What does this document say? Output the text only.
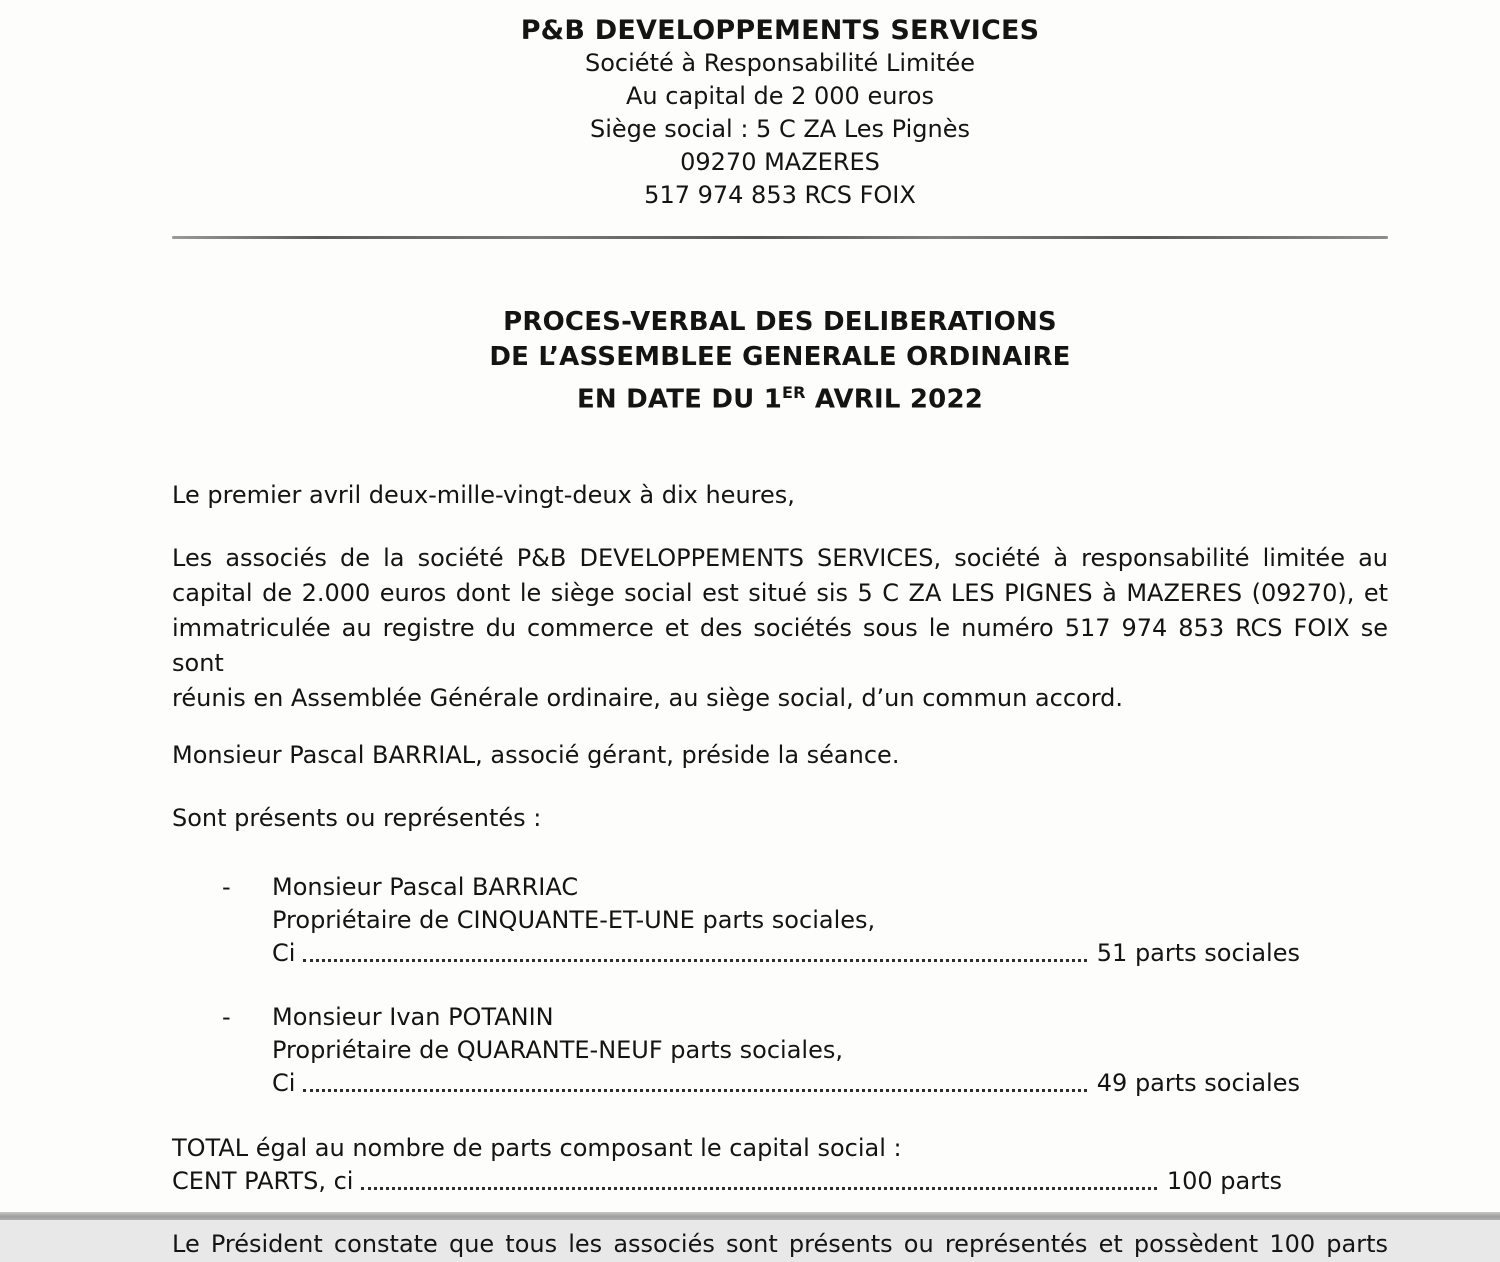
P&B DEVELOPPEMENTS SERVICES
Société à Responsabilité Limitée
Au capital de 2 000 euros
Siège social : 5 C ZA Les Pignès
09270 MAZERES
517 974 853 RCS FOIX
PROCES-VERBAL DES DELIBERATIONS
DE L’ASSEMBLEE GENERALE ORDINAIRE
EN DATE DU 1ER AVRIL 2022
Le premier avril deux-mille-vingt-deux à dix heures,
Les associés de la société P&B DEVELOPPEMENTS SERVICES, société à responsabilité limitée au
capital de 2.000 euros dont le siège social est situé sis 5 C ZA LES PIGNES à MAZERES (09270), et
immatriculée au registre du commerce et des sociétés sous le numéro 517 974 853 RCS FOIX se sont
réunis en Assemblée Générale ordinaire, au siège social, d’un commun accord.
Monsieur Pascal BARRIAL, associé gérant, préside la séance.
Sont présents ou représentés :
- Monsieur Pascal BARRIAC
Propriétaire de CINQUANTE-ET-UNE parts sociales,
Ci	51 parts sociales
- Monsieur Ivan POTANIN
Propriétaire de QUARANTE-NEUF parts sociales,
Ci	49 parts sociales
TOTAL égal au nombre de parts composant le capital social :
CENT PARTS, ci	100 parts
Le Président constate que tous les associés sont présents ou représentés et possèdent 100 parts
